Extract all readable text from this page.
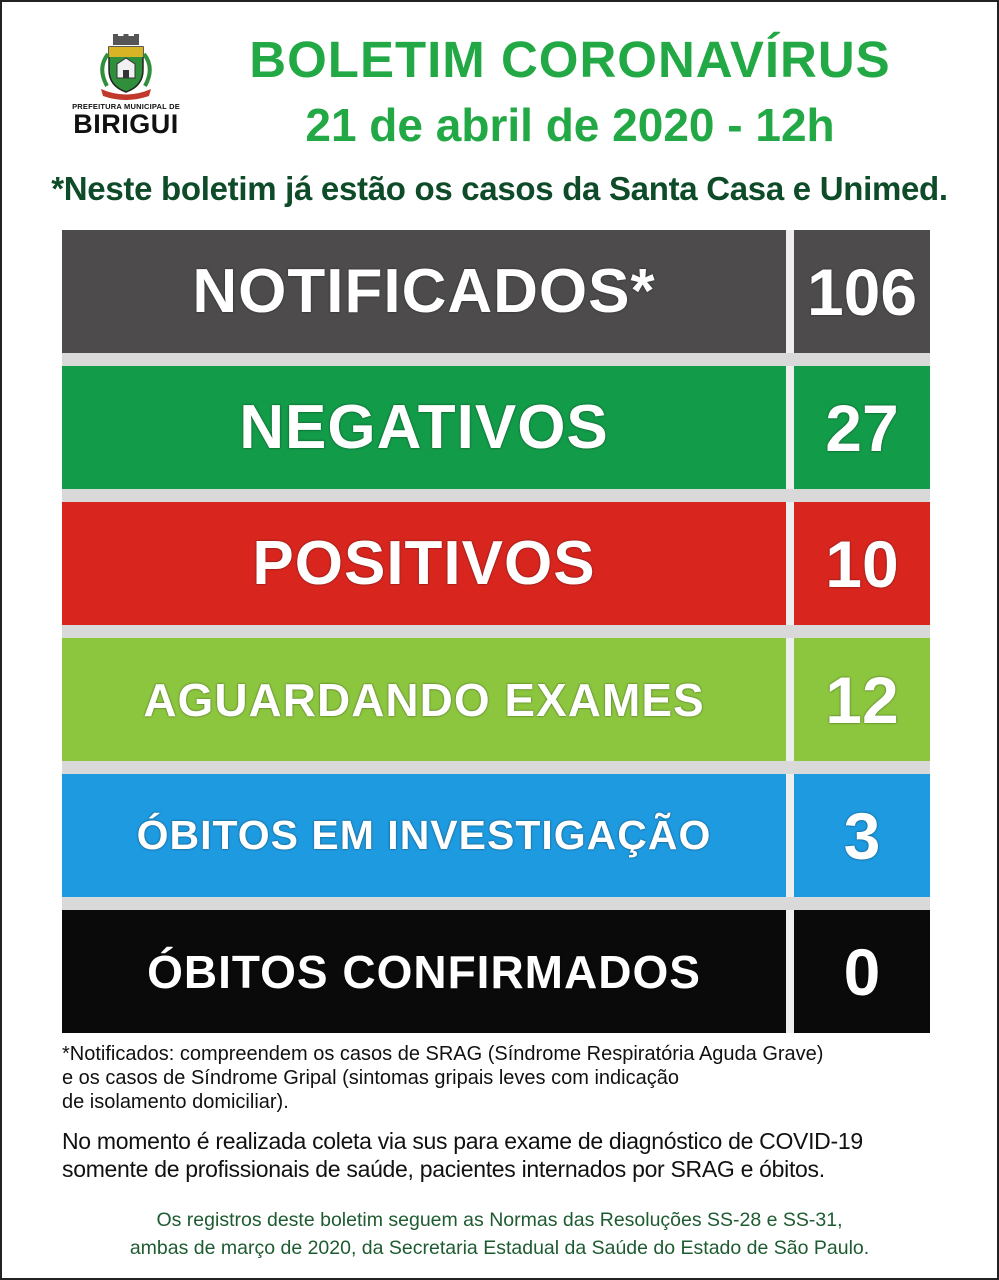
PREFEITURA MUNICIPAL DE
BIRIGUI
BOLETIM CORONAVÍRUS
21 de abril de 2020 - 12h
*Neste boletim já estão os casos da Santa Casa e Unimed.
NOTIFICADOS*	106
NEGATIVOS	27
POSITIVOS	10
AGUARDANDO EXAMES	12
ÓBITOS EM INVESTIGAÇÃO	3
ÓBITOS CONFIRMADOS	0
*Notificados: compreendem os casos de SRAG (Síndrome Respiratória Aguda Grave)
e os casos de Síndrome Gripal (sintomas gripais leves com indicação
de isolamento domiciliar).
No momento é realizada coleta via sus para exame de diagnóstico de COVID-19
somente de profissionais de saúde, pacientes internados por SRAG e óbitos.
Os registros deste boletim seguem as Normas das Resoluções SS-28 e SS-31,
ambas de março de 2020, da Secretaria Estadual da Saúde do Estado de São Paulo.
